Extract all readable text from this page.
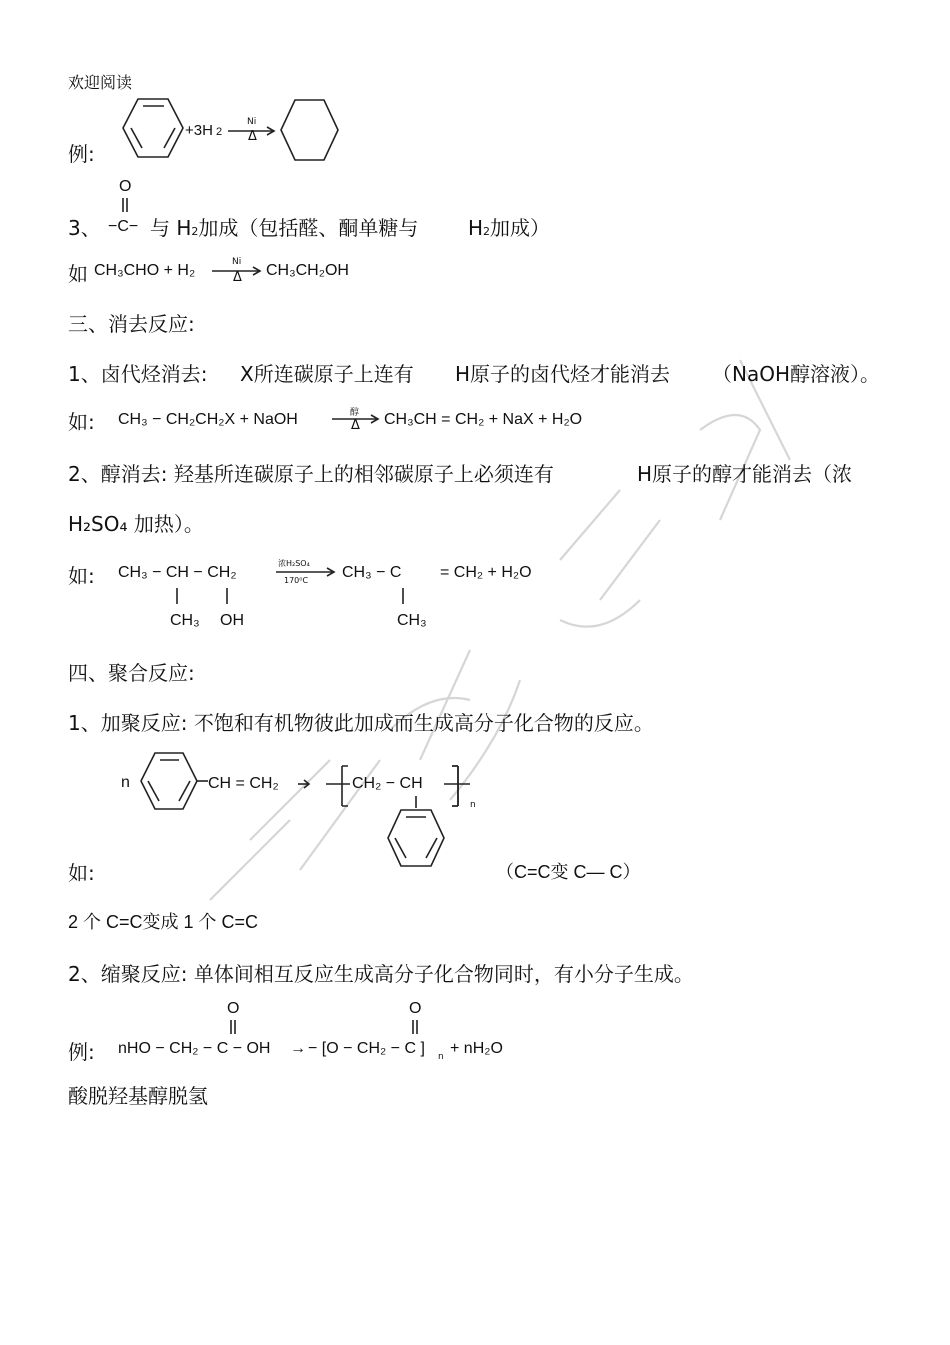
欢迎阅读
例:
+3H 2
Ni
Δ
O
3、 −C− 与 H2加成（包括醛、酮单糖与 H2加成）
如 CH₃CHO + H₂	Ni
Δ CH₃CH₂OH
三、消去反应:
1、卤代烃消去: X所连碳原子上连有 H原子的卤代烃才能消去 （NaOH醇溶液）。
如: CH₃ − CH₂CH₂X + NaOH	醇
Δ CH₃CH = CH₂ + NaX + H₂O
2、醇消去: 羟基所连碳原子上的相邻碳原子上必须连有	H原子的醇才能消去（浓
H₂SO₄ 加热）。
如: CH₃ − CH − CH₂
浓H₂SO₄
170⁰C CH₃ − C = CH₂ + H₂O
CH₃ OH	CH₃
四、聚合反应:
1、加聚反应: 不饱和有机物彼此加成而生成高分子化合物的反应。
n	CH = CH₂	CH₂ − CH
n
如:	（C=C变 C— C）
2 个 C=C变成 1 个 C=C
2、缩聚反应: 单体间相互反应生成高分子化合物同时，有小分子生成。
O	O
例: nHO − CH₂ − C − OH → − [O − CH₂ − C ] n + nH₂O
酸脱羟基醇脱氢
